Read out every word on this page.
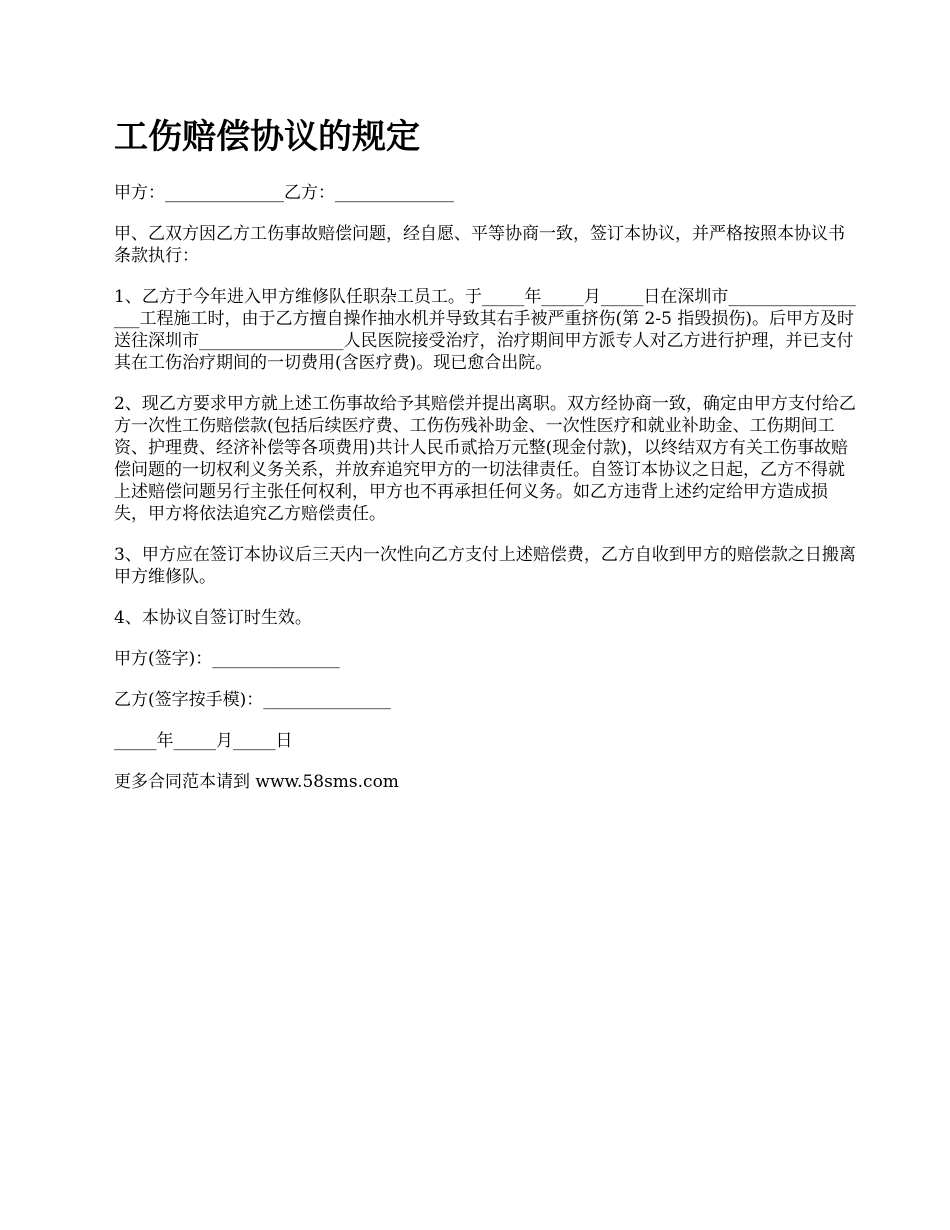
工伤赔偿协议的规定

甲方：______________乙方：______________

甲、乙双方因乙方工伤事故赔偿问题，经自愿、平等协商一致，签订本协议，并严格按照本协议书条款执行：

1、乙方于今年进入甲方维修队任职杂工员工。于_____年_____月_____日在深圳市__________________工程施工时，由于乙方擅自操作抽水机并导致其右手被严重挤伤(第 2-5 指毁损伤)。后甲方及时送往深圳市_________________人民医院接受治疗，治疗期间甲方派专人对乙方进行护理，并已支付其在工伤治疗期间的一切费用(含医疗费)。现已愈合出院。

2、现乙方要求甲方就上述工伤事故给予其赔偿并提出离职。双方经协商一致，确定由甲方支付给乙方一次性工伤赔偿款(包括后续医疗费、工伤伤残补助金、一次性医疗和就业补助金、工伤期间工资、护理费、经济补偿等各项费用)共计人民币贰拾万元整(现金付款)，以终结双方有关工伤事故赔偿问题的一切权利义务关系，并放弃追究甲方的一切法律责任。自签订本协议之日起，乙方不得就上述赔偿问题另行主张任何权利，甲方也不再承担任何义务。如乙方违背上述约定给甲方造成损失，甲方将依法追究乙方赔偿责任。

3、甲方应在签订本协议后三天内一次性向乙方支付上述赔偿费，乙方自收到甲方的赔偿款之日搬离甲方维修队。

4、本协议自签订时生效。

甲方(签字)：_______________

乙方(签字按手模)：_______________

_____年_____月_____日

更多合同范本请到 www.58sms.com
